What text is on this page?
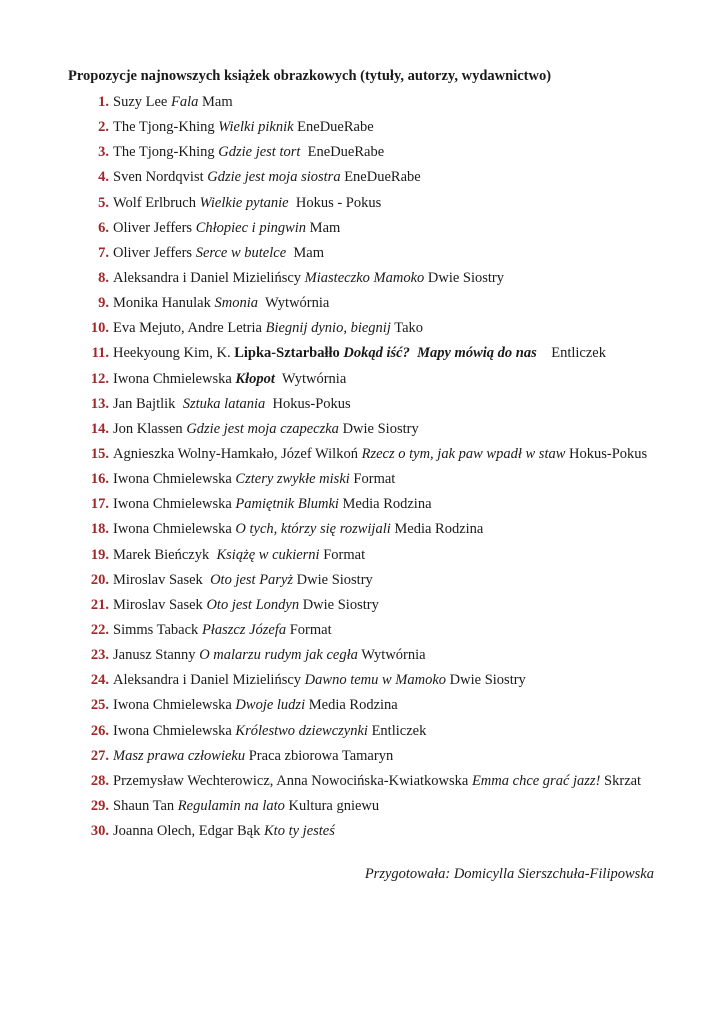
Propozycje najnowszych książek obrazkowych (tytuły, autorzy, wydawnictwo)
1. Suzy Lee Fala Mam
2. The Tjong-Khing Wielki piknik EneDueRabe
3. The Tjong-Khing Gdzie jest tort  EneDueRabe
4. Sven Nordqvist Gdzie jest moja siostra EneDueRabe
5. Wolf Erlbruch Wielkie pytanie  Hokus - Pokus
6. Oliver Jeffers Chłopiec i pingwin Mam
7. Oliver Jeffers Serce w butelce  Mam
8. Aleksandra i Daniel Mizielińscy Miasteczko Mamoko Dwie Siostry
9. Monika Hanulak Smonia  Wytwórnia
10. Eva Mejuto, Andre Letria Biegnij dynio, biegnij Tako
11. Heekyoung Kim, K. Lipka-Sztarbałło Dokąd iść?  Mapy mówią do nas    Entliczek
12. Iwona Chmielewska Kłopot  Wytwórnia
13. Jan Bajtlik  Sztuka latania  Hokus-Pokus
14. Jon Klassen Gdzie jest moja czapeczka Dwie Siostry
15. Agnieszka Wolny-Hamkało, Józef Wilkoń Rzecz o tym, jak paw wpadł w staw Hokus-Pokus
16. Iwona Chmielewska Cztery zwykłe miski Format
17. Iwona Chmielewska Pamiętnik Blumki Media Rodzina
18. Iwona Chmielewska O tych, którzy się rozwijali Media Rodzina
19. Marek Bieńczyk  Książę w cukierni Format
20. Miroslav Sasek  Oto jest Paryż Dwie Siostry
21. Miroslav Sasek Oto jest Londyn Dwie Siostry
22. Simms Taback Płaszcz Józefa Format
23. Janusz Stanny O malarzu rudym jak cegła Wytwórnia
24. Aleksandra i Daniel Mizielińscy Dawno temu w Mamoko Dwie Siostry
25. Iwona Chmielewska Dwoje ludzi Media Rodzina
26. Iwona Chmielewska Królestwo dziewczynki Entliczek
27. Masz prawa człowieku Praca zbiorowa Tamaryn
28. Przemysław Wechterowicz, Anna Nowocińska-Kwiatkowska Emma chce grać jazz! Skrzat
29. Shaun Tan Regulamin na lato Kultura gniewu
30. Joanna Olech, Edgar Bąk Kto ty jesteś
Przygotowała: Domicylla Sierszchuła-Filipowska
